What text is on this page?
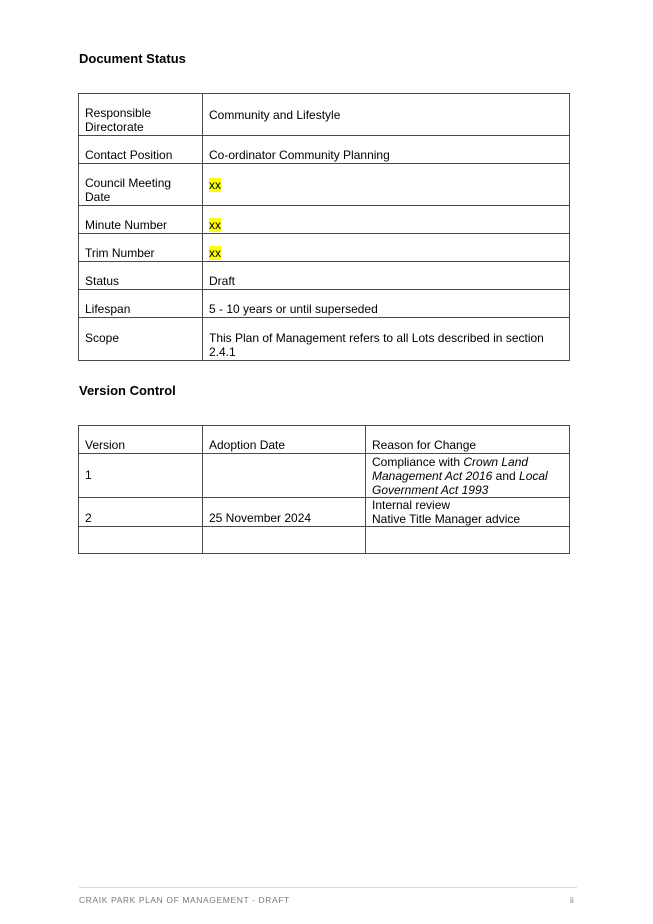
Document Status
Responsible Directorate	Community and Lifestyle
Contact Position	Co-ordinator Community Planning
Council Meeting Date	xx
Minute Number	xx
Trim Number	xx
Status	Draft
Lifespan	5 - 10 years or until superseded
Scope	This Plan of Management refers to all Lots described in section 2.4.1
Version Control
Version	Adoption Date	Reason for Change
1		Compliance with Crown Land Management Act 2016 and Local Government Act 1993
2	25 November 2024	Internal review
Native Title Manager advice

CRAIK PARK PLAN OF MANAGEMENT - DRAFT	ii
